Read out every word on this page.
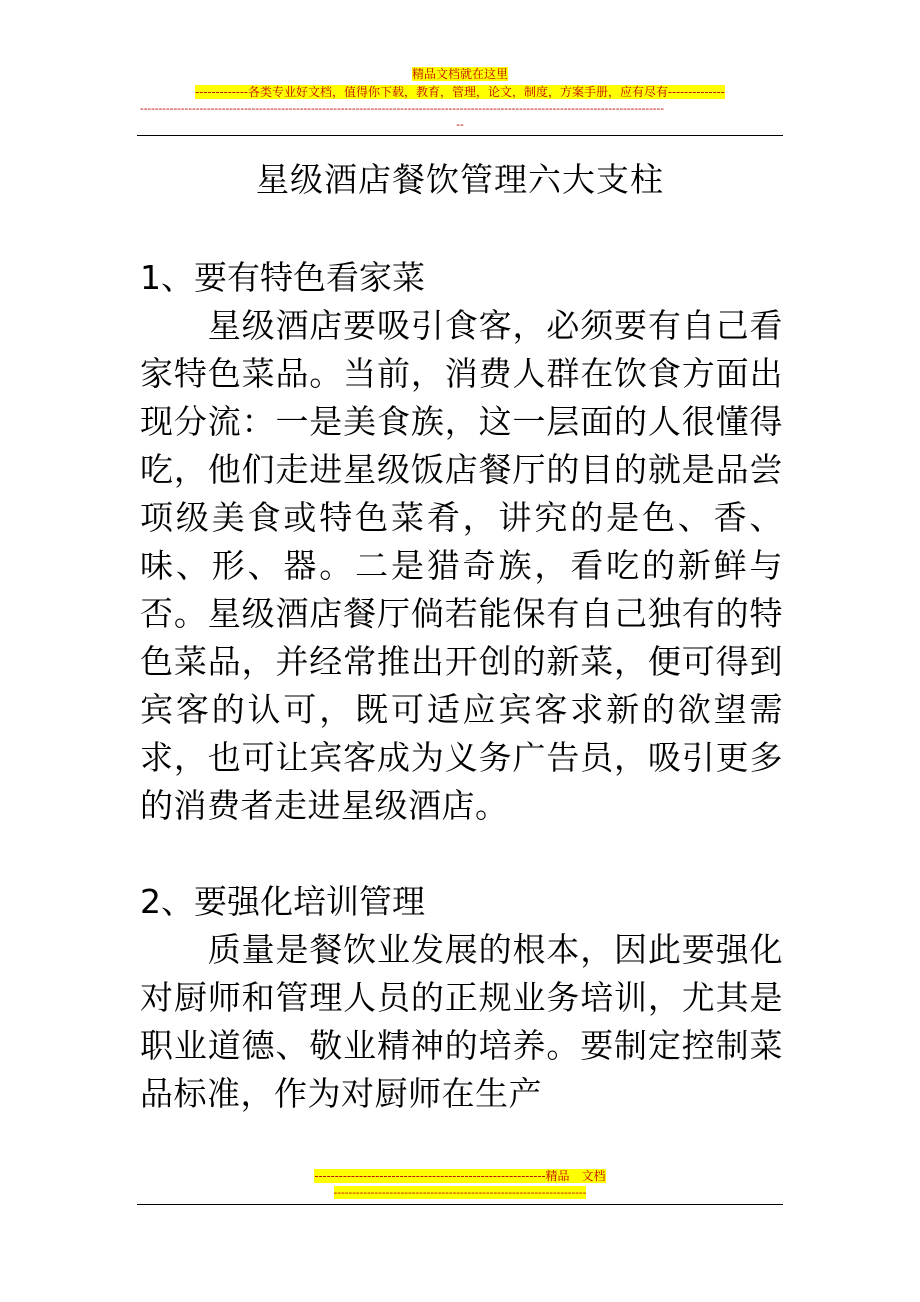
精品文档就在这里
-------------各类专业好文档，值得你下载，教育，管理，论文，制度，方案手册，应有尽有--------------
---------------------------------------------------------------------------------------------------------------------------------------------
--
星级酒店餐饮管理六大支柱

1、要有特色看家菜

　　星级酒店要吸引食客，必须要有自己看家特色菜品。当前，消费人群在饮食方面出现分流：一是美食族，这一层面的人很懂得吃，他们走进星级饭店餐厅的目的就是品尝项级美食或特色菜肴，讲究的是色、香、味、形、器。二是猎奇族，看吃的新鲜与否。星级酒店餐厅倘若能保有自己独有的特色菜品，并经常推出开创的新菜，便可得到宾客的认可，既可适应宾客求新的欲望需求，也可让宾客成为义务广告员，吸引更多的消费者走进星级酒店。

2、要强化培训管理

　　质量是餐饮业发展的根本，因此要强化对厨师和管理人员的正规业务培训，尤其是职业道德、敬业精神的培养。要制定控制菜品标准，作为对厨师在生产

---------------------------------------------------------精品　文档
--------------------------------------------------------------------
